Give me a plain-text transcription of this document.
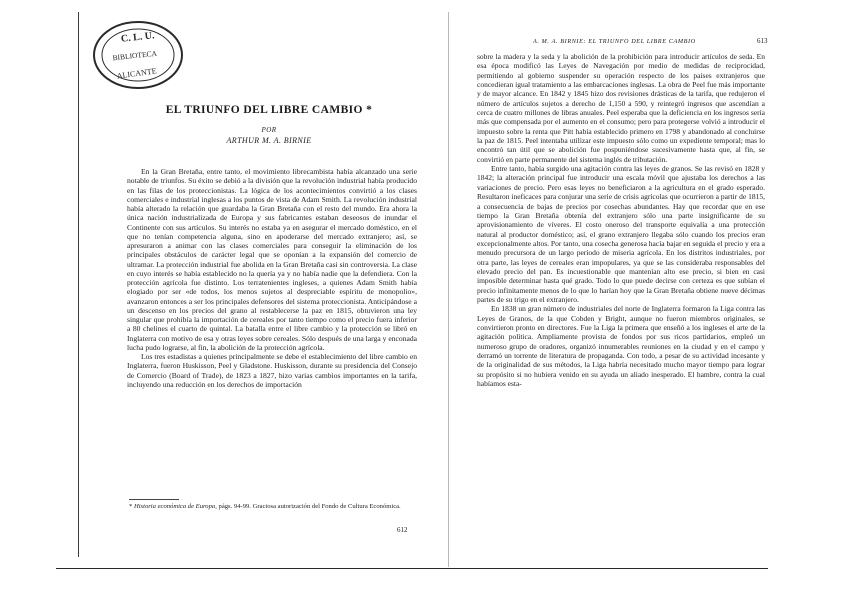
C. L. U.
BIBLIOTECA
ALICANTE
EL TRIUNFO DEL LIBRE CAMBIO *
POR
ARTHUR M. A. BIRNIE

En la Gran Bretaña, entre tanto, el movimiento librecambista había alcanzado una serie notable de triunfos. Su éxito se debió a la división que la revolución industrial había producido en las filas de los proteccionistas. La lógica de los acontecimientos convirtió a los clases comerciales e industrial inglesas a los puntos de vista de Adam Smith. La revolución industrial había alterado la relación que guardaba la Gran Bretaña con el resto del mundo. Era ahora la única nación industrializada de Europa y sus fabricantes estaban deseosos de inundar el Continente con sus artículos. Su interés no estaba ya en asegurar el mercado doméstico, en el que no tenían competencia alguna, sino en apoderarse del mercado extranjero; así, se apresuraron a animar con las clases comerciales para conseguir la eliminación de los principales obstáculos de carácter legal que se oponían a la expansión del comercio de ultramar. La protección industrial fue abolida en la Gran Bretaña casi sin controversia. La clase en cuyo interés se había establecido no la quería ya y no había nadie que la defendiera. Con la protección agrícola fue distinto. Los terratenientes ingleses, a quienes Adam Smith había elogiado por ser «de todos, los menos sujetos al despreciable espíritu de monopolio», avanzaron entonces a ser los principales defensores del sistema proteccionista. Anticipándose a un descenso en los precios del grano al restablecerse la paz en 1815, obtuvieron una ley singular que prohibía la importación de cereales por tanto tiempo como el precio fuera inferior a 80 chelines el cuarto de quintal. La batalla entre el libre cambio y la protección se libró en Inglaterra con motivo de esa y otras leyes sobre cereales. Sólo después de una larga y enconada lucha pudo lograrse, al fin, la abolición de la protección agrícola.

Los tres estadistas a quienes principalmente se debe el establecimiento del libre cambio en Inglaterra, fueron Huskisson, Peel y Gladstone. Huskisson, durante su presidencia del Consejo de Comercio (Board of Trade), de 1823 a 1827, hizo varias cambios importantes en la tarifa, incluyendo una reducción en los derechos de importación

* Historia económica de Europa, págs. 94-99. Graciosa autorización del Fondo de Cultura Económica.
612
A. M. A. BIRNIE: EL TRIUNFO DEL LIBRE CAMBIO	613

sobre la madera y la seda y la abolición de la prohibición para introducir artículos de seda. En esa época modificó las Leyes de Navegación por medio de medidas de reciprocidad, permitiendo al gobierno suspender su operación respecto de los países extranjeros que concedieran igual tratamiento a las embarcaciones inglesas. La obra de Peel fue más importante y de mayor alcance. En 1842 y 1845 hizo dos revisiones drásticas de la tarifa, que redujeron el número de artículos sujetos a derecho de 1,150 a 590, y reintegró ingresos que ascendían a cerca de cuatro millones de libras anuales. Peel esperaba que la deficiencia en los ingresos sería más que compensada por el aumento en el consumo; pero para protegerse volvió a introducir el impuesto sobre la renta que Pitt había establecido primero en 1798 y abandonado al concluirse la paz de 1815. Peel intentaba utilizar este impuesto sólo como un expediente temporal; mas lo encontró tan útil que se abolición fue pospuniéndose sucesivamente hasta que, al fin, se convirtió en parte permanente del sistema inglés de tributación.

Entre tanto, había surgido una agitación contra las leyes de granos. Se las revisó en 1828 y 1842; la alteración principal fue introducir una escala móvil que ajustaba los derechos a las variaciones de precio. Pero esas leyes no beneficiaron a la agricultura en el grado esperado. Resultaron ineficaces para conjurar una serie de crisis agrícolas que ocurrieron a partir de 1815, a consecuencia de bajas de precios por cosechas abundantes. Hay que recordar que en ese tiempo la Gran Bretaña obtenía del extranjero sólo una parte insignificante de su aprovisionamiento de víveres. El costo oneroso del transporte equivalía a una protección natural al productor doméstico; así, el grano extranjero llegaba sólo cuando los precios eran excepcionalmente altos. Por tanto, una cosecha generosa hacía bajar en seguida el precio y era a menudo precursora de un largo período de miseria agrícola. En los distritos industriales, por otra parte, las leyes de cereales eran impopulares, ya que se las consideraba responsables del elevado precio del pan. Es incuestionable que mantenían alto ese precio, si bien en casi imposible determinar hasta qué grado. Todo lo que puede decirse con certeza es que subían el precio infinitamente menos de lo que lo harían hoy que la Gran Bretaña obtiene nueve décimas partes de su trigo en el extranjero.

En 1838 un gran número de industriales del norte de Inglaterra formaron la Liga contra las Leyes de Granos, de la que Cobden y Bright, aunque no fueron miembros originales, se convirtieron pronto en directores. Fue la Liga la primera que enseñó a los ingleses el arte de la agitación política. Ampliamente provista de fondos por sus ricos partidarios, empleó un numeroso grupo de oradores, organizó innumerables reuniones en la ciudad y en el campo y derramó un torrente de literatura de propaganda. Con todo, a pesar de su actividad incesante y de la originalidad de sus métodos, la Liga habría necesitado mucho mayor tiempo para lograr su propósito si no hubiera venido en su ayuda un aliado inesperado. El hambre, contra la cual habíamos esta-
